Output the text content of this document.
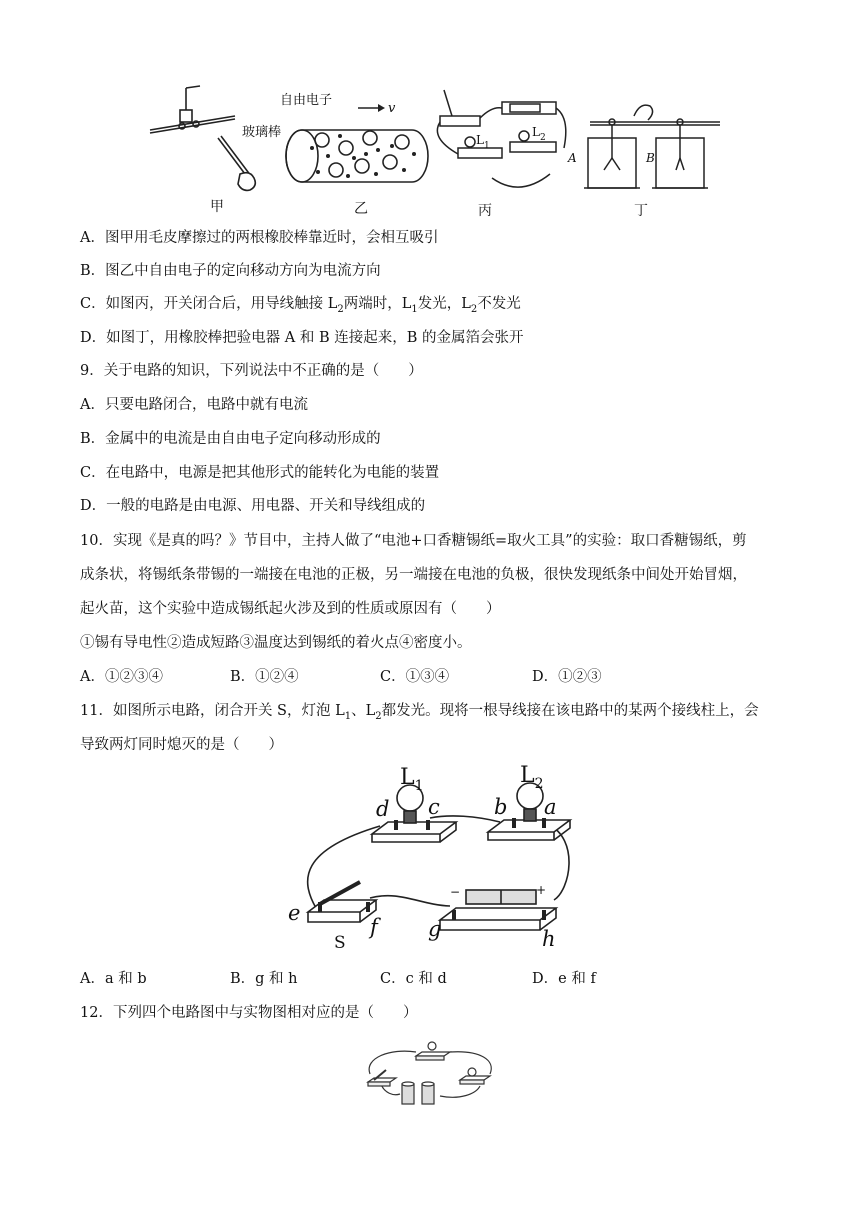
玻璃棒
甲
自由电子
v
乙
$L_1$
$L_2$
丙
A	B
丁
A．图甲用毛皮摩擦过的两根橡胶棒靠近时，会相互吸引
B．图乙中自由电子的定向移动方向为电流方向
C．如图丙，开关闭合后，用导线触接 $L_2$两端时，$L_1$发光，$L_2$不发光
D．如图丁，用橡胶棒把验电器 A 和 B 连接起来，B 的金属箔会张开
9．关于电路的知识，下列说法中不正确的是（　　）
A．只要电路闭合，电路中就有电流
B．金属中的电流是由自由电子定向移动形成的
C．在电路中，电源是把其他形式的能转化为电能的装置
D．一般的电路是由电源、用电器、开关和导线组成的
10．实现《是真的吗？》节目中，主持人做了“电池+口香糖锡纸=取火工具”的实验：取口香糖锡纸，剪
成条状，将锡纸条带锡的一端接在电池的正极，另一端接在电池的负极，很快发现纸条中间处开始冒烟，
起火苗，这个实验中造成锡纸起火涉及到的性质或原因有（　　）
①锡有导电性②造成短路③温度达到锡纸的着火点④密度小。
A．①②③④	B．①②④	C．①③④	D．①②③
11．如图所示电路，闭合开关 S，灯泡 $L_1$、$L_2$都发光。现将一根导线接在该电路中的某两个接线柱上，会
导致两灯同时熄灭的是（　　）
$L_1$	$L_2$
d c	b a
e
f
S
g	h
−	+
A．a 和 b	B．g 和 h	C．c 和 d	D．e 和 f
12．下列四个电路图中与实物图相对应的是（　　）
